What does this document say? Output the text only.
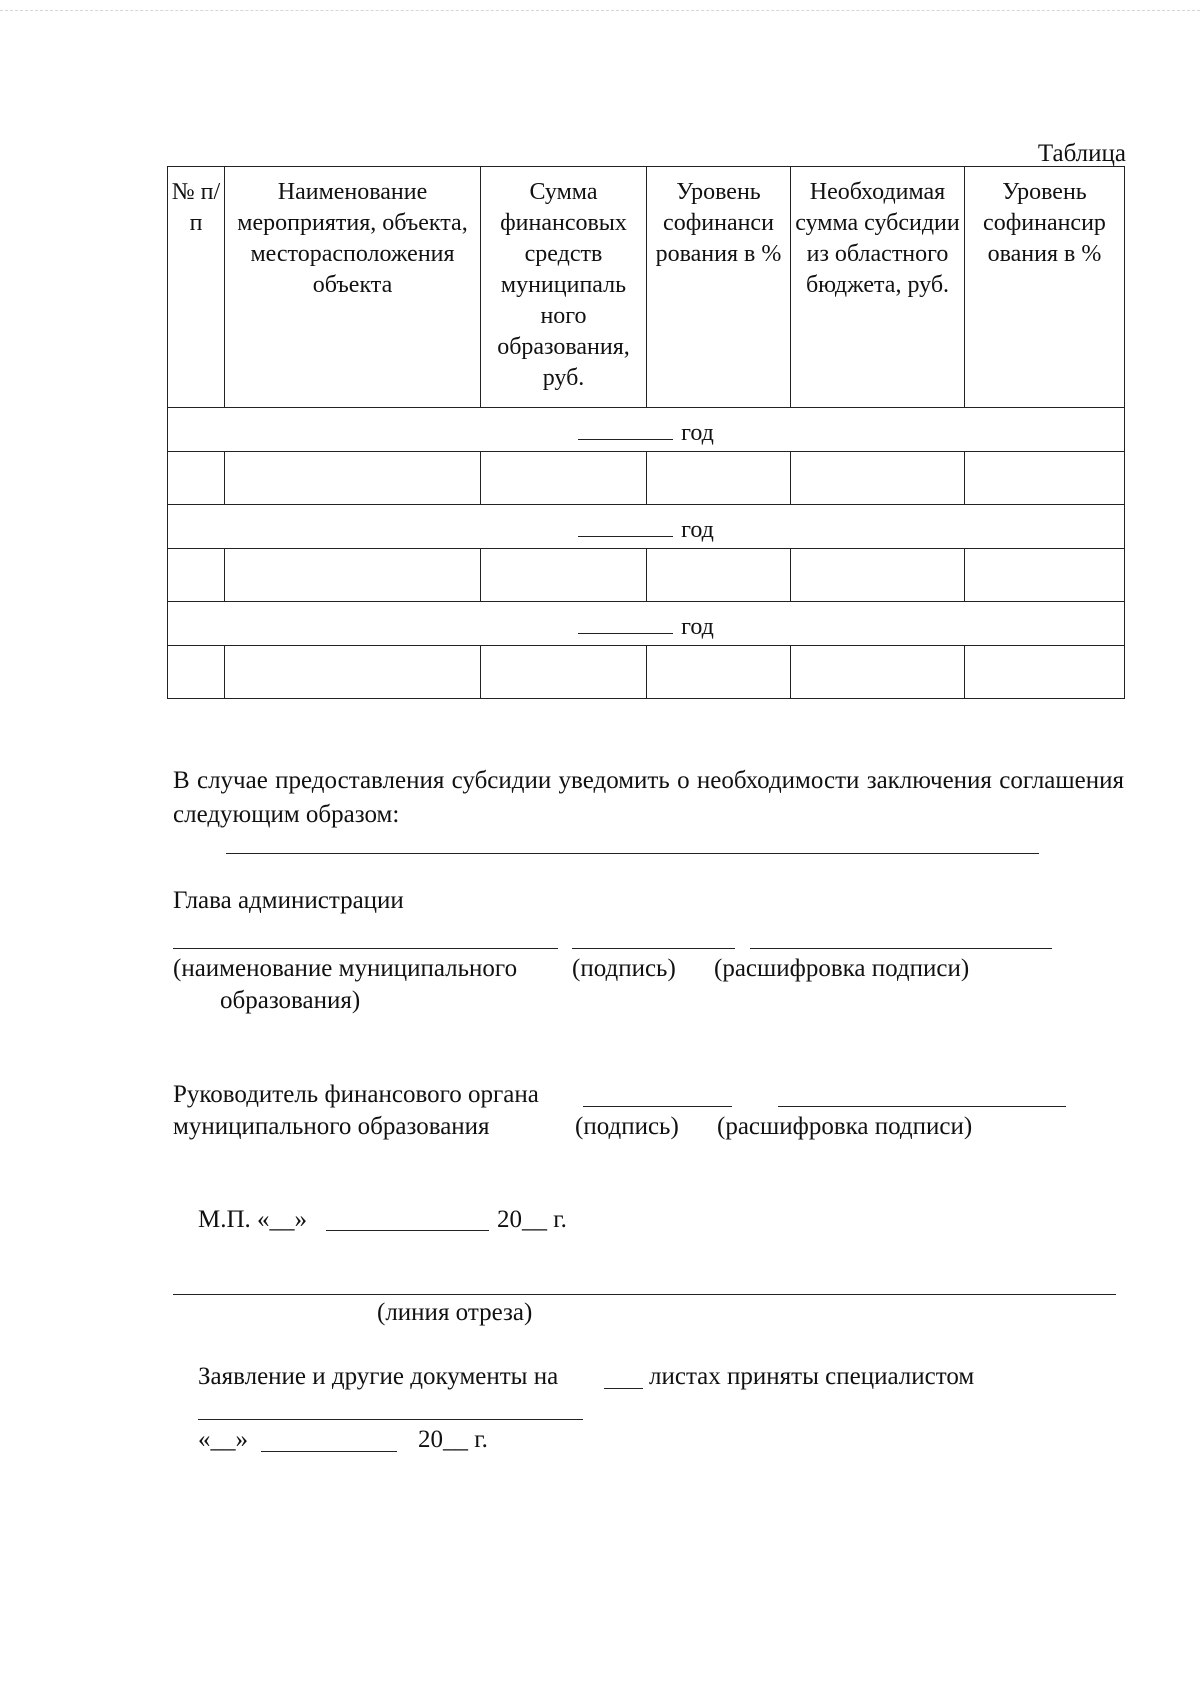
Таблица
№ п/п	Наименование мероприятия, объекта, месторасположения объекта	Сумма финансовых средств муниципаль ного образования, руб.	Уровень софинанси рования в %	Необходимая сумма субсидии из областного бюджета, руб.	Уровень софинансир ования в %
год					

год					

год					

В случае предоставления субсидии уведомить о необходимости заключения соглашения следующим образом:
Глава администрации
(наименование муниципального
образования)
(подпись) (расшифровка подписи)
Руководитель финансового органа
муниципального образования	(подпись) (расшифровка подписи)
М.П. «__»	20__ г.
(линия отреза)
Заявление и другие документы на	листах приняты специалистом
«__»	20__ г.
